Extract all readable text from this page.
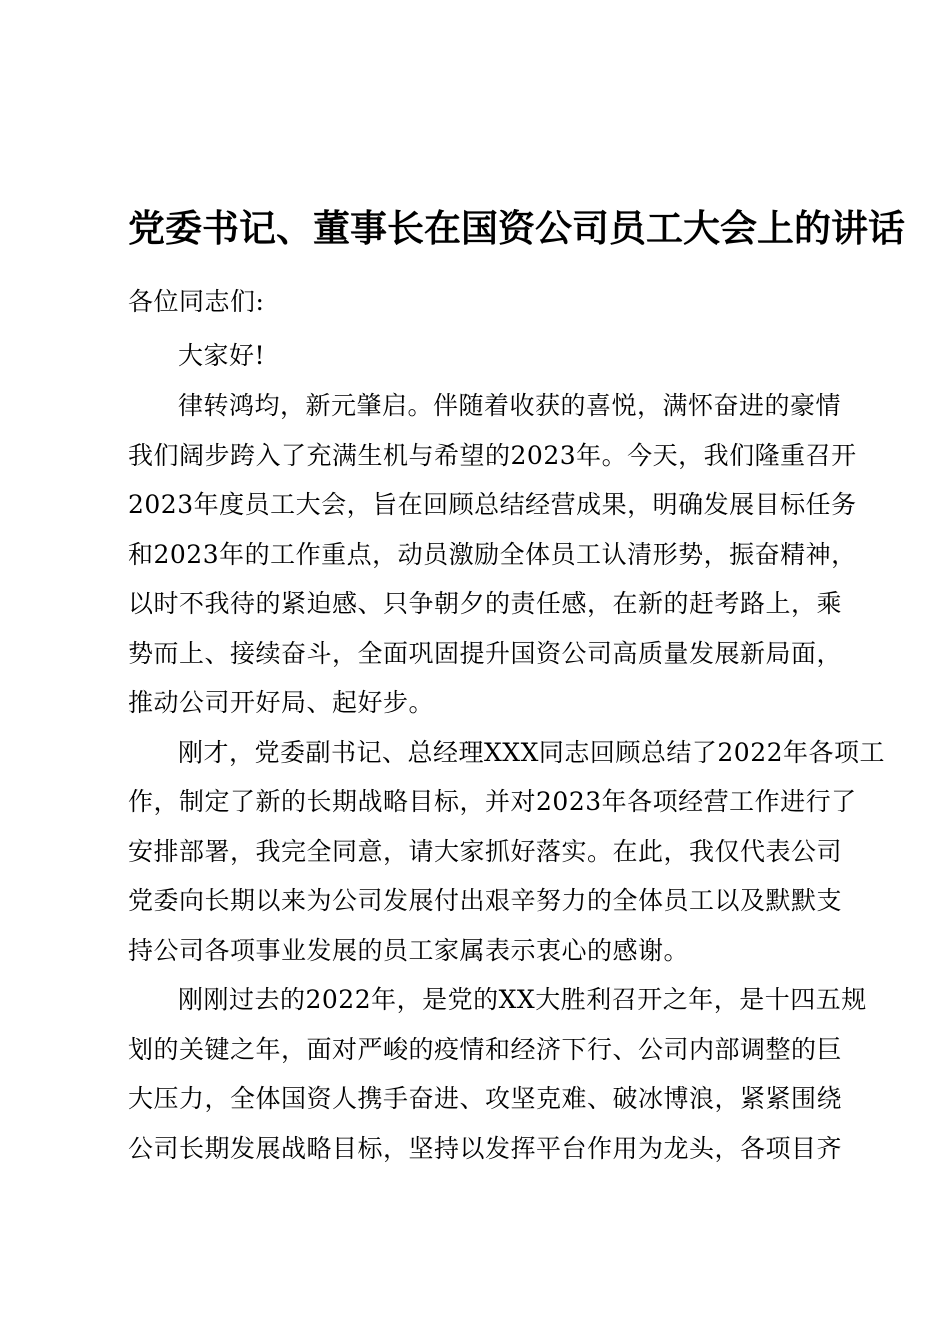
党委书记、董事长在国资公司员工大会上的讲话

各位同志们:

大家好!

律转鸿均，新元肇启。伴随着收获的喜悦，满怀奋进的豪情

我们阔步跨入了充满生机与希望的2023年。今天，我们隆重召开

2023年度员工大会，旨在回顾总结经营成果，明确发展目标任务

和2023年的工作重点，动员激励全体员工认清形势，振奋精神，

以时不我待的紧迫感、只争朝夕的责任感，在新的赶考路上，乘

势而上、接续奋斗，全面巩固提升国资公司高质量发展新局面，

推动公司开好局、起好步。

刚才，党委副书记、总经理XXX同志回顾总结了2022年各项工

作，制定了新的长期战略目标，并对2023年各项经营工作进行了

安排部署，我完全同意，请大家抓好落实。在此，我仅代表公司

党委向长期以来为公司发展付出艰辛努力的全体员工以及默默支

持公司各项事业发展的员工家属表示衷心的感谢。

刚刚过去的2022年，是党的XX大胜利召开之年，是十四五规

划的关键之年，面对严峻的疫情和经济下行、公司内部调整的巨

大压力，全体国资人携手奋进、攻坚克难、破冰博浪，紧紧围绕

公司长期发展战略目标，坚持以发挥平台作用为龙头，各项目齐
